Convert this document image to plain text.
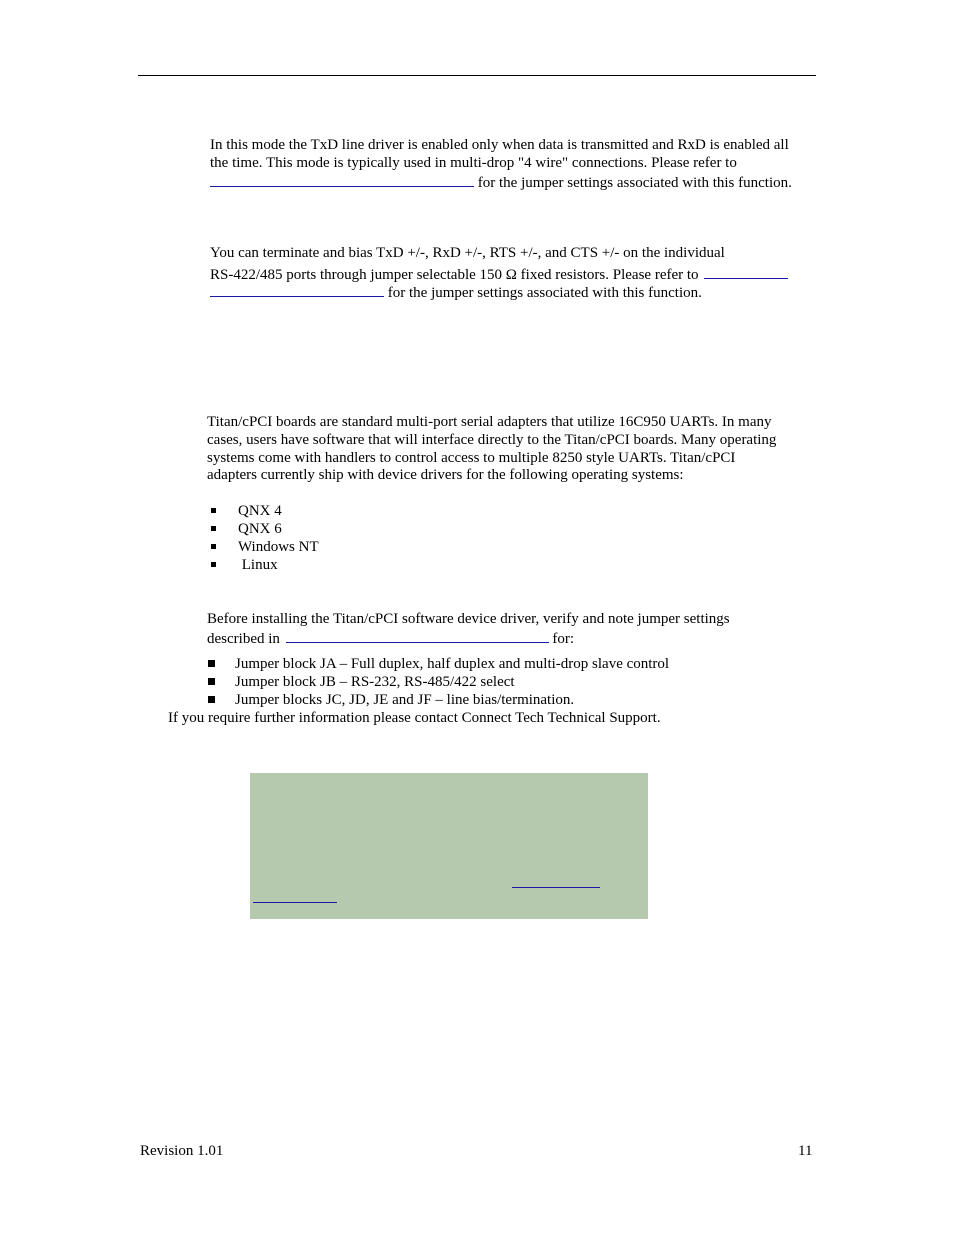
In this mode the TxD line driver is enabled only when data is transmitted and RxD is enabled all
the time. This mode is typically used in multi-drop "4 wire" connections. Please refer to
for the jumper settings associated with this function.
You can terminate and bias TxD +/-, RxD +/-, RTS +/-, and CTS +/- on the individual
RS-422/485 ports through jumper selectable 150 Ω fixed resistors. Please refer to
for the jumper settings associated with this function.
Titan/cPCI boards are standard multi-port serial adapters that utilize 16C950 UARTs. In many
cases, users have software that will interface directly to the Titan/cPCI boards. Many operating
systems come with handlers to control access to multiple 8250 style UARTs. Titan/cPCI
adapters currently ship with device drivers for the following operating systems:
QNX 4
QNX 6
Windows NT
Linux
Before installing the Titan/cPCI software device driver, verify and note jumper settings
described in	for:
Jumper block JA – Full duplex, half duplex and multi-drop slave control
Jumper block JB – RS-232, RS-485/422 select
Jumper blocks JC, JD, JE and JF – line bias/termination.
If you require further information please contact Connect Tech Technical Support.
Revision 1.01	11
